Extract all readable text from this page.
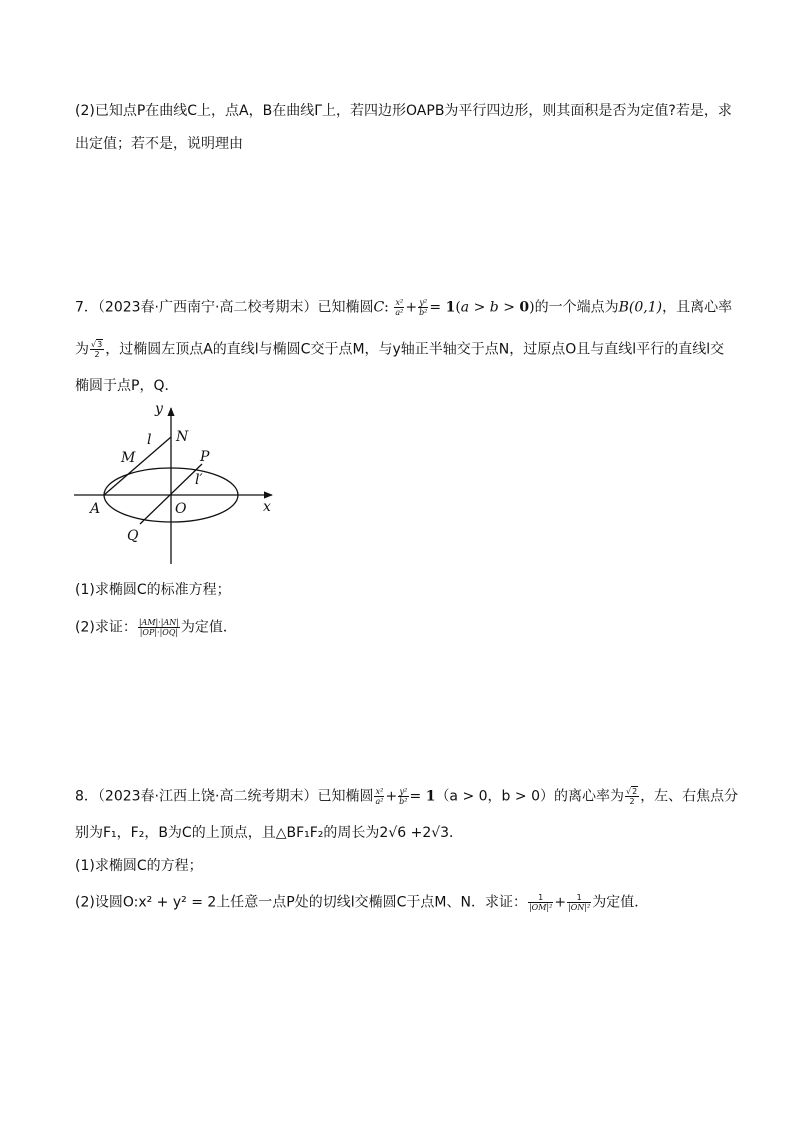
(2)已知点P在曲线C上，点A，B在曲线Γ上，若四边形OAPB为平行四边形，则其面积是否为定值?若是，求
出定值；若不是，说明理由
7．（2023春·广西南宁·高二校考期末）已知椭圆C: $\frac{\text{x²}}{\text{a²}} + \frac{\text{y²}}{\text{b²}} = 1(a > b > 0)$的一个端点为B(0,1)，且离心率
为 $\frac{√3}{2}$ ，过椭圆左顶点A的直线l与椭圆C交于点M，与y轴正半轴交于点N，过原点O且与直线l平行的直线l交
椭圆于点P，Q．
y
x
N
l
M	P
l′
A	O
Q
(1)求椭圆C的标准方程；
(2)求证： $\frac{|AM|\cdot|AN|}{|OP|\cdot|OQ|}$ 为定值．
8．（2023春·江西上饶·高二统考期末）已知椭圆 $\frac{\text{x²}}{\text{a²}} + \frac{\text{y²}}{\text{b²}} = 1(a > 0$，b > 0）的离心率为 $\frac{√2}{2}$ ，左、右焦点分
别为F₁，F₂，B为C的上顶点，且△BF₁F₂的周长为2√6 +2√3．
(1)求椭圆C的方程；
(2)设圆O:x² + y² = 2上任意一点P处的切线l交椭圆C于点M、N．求证： $\frac{1}{\text{|OM|²}} + \frac{1}{\text{|ON|²}}$ 为定值．
